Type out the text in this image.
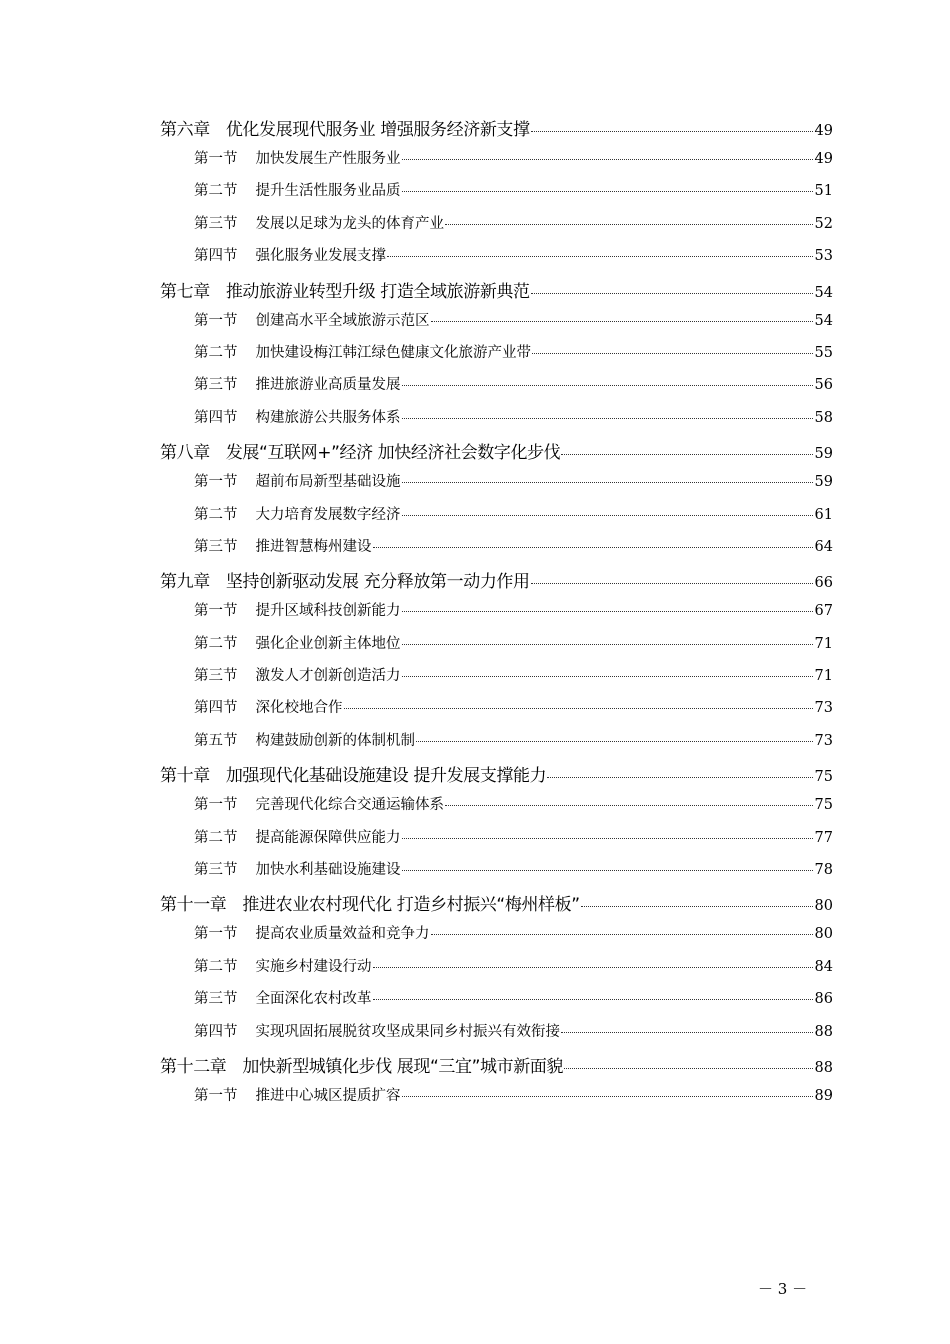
第六章 优化发展现代服务业 增强服务经济新支撑	49
第一节 加快发展生产性服务业	49
第二节 提升生活性服务业品质	51
第三节 发展以足球为龙头的体育产业	52
第四节 强化服务业发展支撑	53
第七章 推动旅游业转型升级 打造全域旅游新典范	54
第一节 创建高水平全域旅游示范区	54
第二节 加快建设梅江韩江绿色健康文化旅游产业带	55
第三节 推进旅游业高质量发展	56
第四节 构建旅游公共服务体系	58
第八章 发展“互联网+”经济 加快经济社会数字化步伐	59
第一节 超前布局新型基础设施	59
第二节 大力培育发展数字经济	61
第三节 推进智慧梅州建设	64
第九章 坚持创新驱动发展 充分释放第一动力作用	66
第一节 提升区域科技创新能力	67
第二节 强化企业创新主体地位	71
第三节 激发人才创新创造活力	71
第四节 深化校地合作	73
第五节 构建鼓励创新的体制机制	73
第十章 加强现代化基础设施建设 提升发展支撑能力	75
第一节 完善现代化综合交通运输体系	75
第二节 提高能源保障供应能力	77
第三节 加快水利基础设施建设	78
第十一章 推进农业农村现代化 打造乡村振兴“梅州样板”	80
第一节 提高农业质量效益和竞争力	80
第二节 实施乡村建设行动	84
第三节 全面深化农村改革	86
第四节 实现巩固拓展脱贫攻坚成果同乡村振兴有效衔接	88
第十二章 加快新型城镇化步伐 展现“三宜”城市新面貌	88
第一节 推进中心城区提质扩容	89
－ 3 －
